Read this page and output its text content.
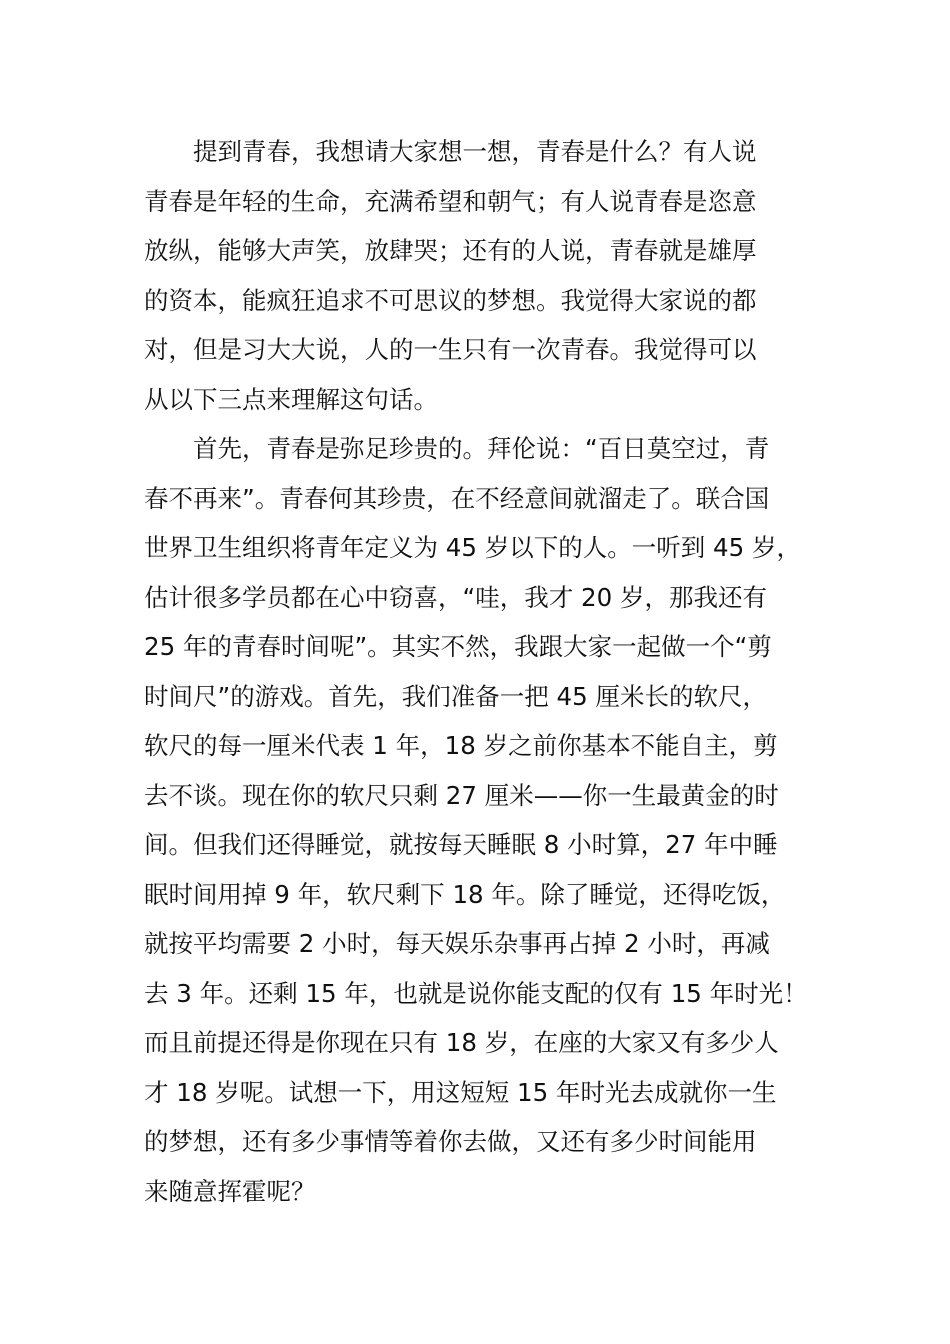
　　提到青春，我想请大家想一想，青春是什么？有人说
青春是年轻的生命，充满希望和朝气；有人说青春是恣意
放纵，能够大声笑，放肆哭；还有的人说，青春就是雄厚
的资本，能疯狂追求不可思议的梦想。我觉得大家说的都
对，但是习大大说，人的一生只有一次青春。我觉得可以
从以下三点来理解这句话。
　　首先，青春是弥足珍贵的。拜伦说：“百日莫空过，青
春不再来”。青春何其珍贵，在不经意间就溜走了。联合国
世界卫生组织将青年定义为 45 岁以下的人。一听到 45 岁，
估计很多学员都在心中窃喜，“哇，我才 20 岁，那我还有
25 年的青春时间呢”。其实不然，我跟大家一起做一个“剪
时间尺”的游戏。首先，我们准备一把 45 厘米长的软尺，
软尺的每一厘米代表 1 年，18 岁之前你基本不能自主，剪
去不谈。现在你的软尺只剩 27 厘米——你一生最黄金的时
间。但我们还得睡觉，就按每天睡眠 8 小时算，27 年中睡
眠时间用掉 9 年，软尺剩下 18 年。除了睡觉，还得吃饭，
就按平均需要 2 小时，每天娱乐杂事再占掉 2 小时，再减
去 3 年。还剩 15 年，也就是说你能支配的仅有 15 年时光！
而且前提还得是你现在只有 18 岁，在座的大家又有多少人
才 18 岁呢。试想一下，用这短短 15 年时光去成就你一生
的梦想，还有多少事情等着你去做，又还有多少时间能用
来随意挥霍呢？
